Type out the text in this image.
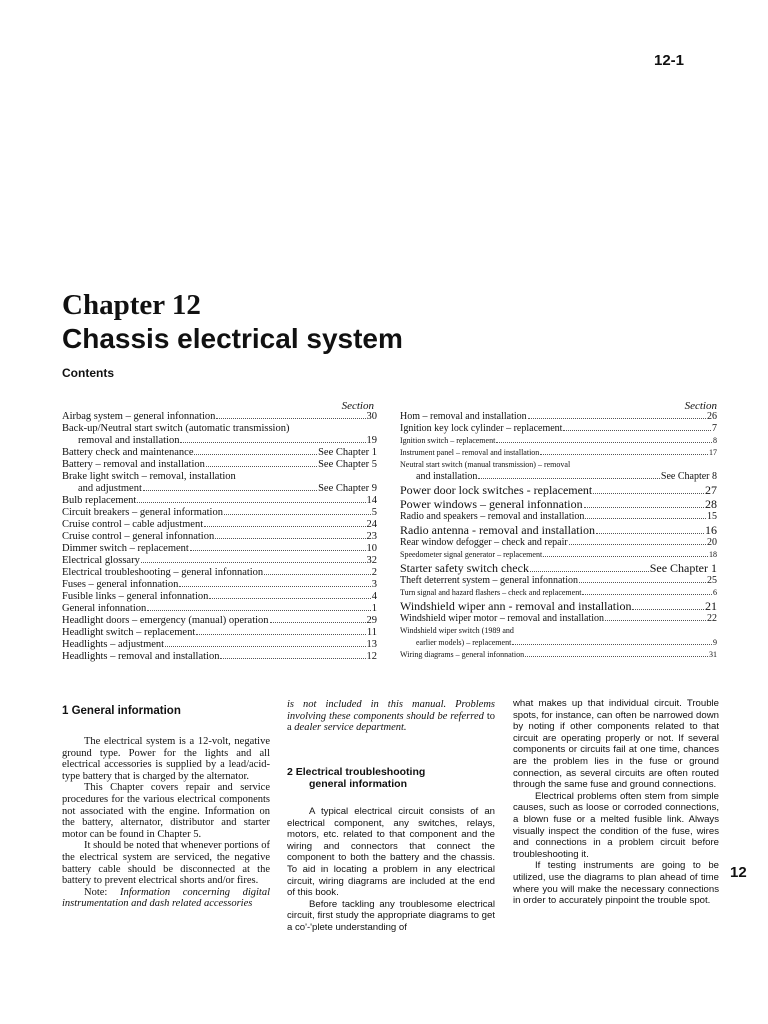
12-1
Chapter 12
Chassis electrical system
Contents
Section	Section
Airbag system – general infonnation	30
Back-up/Neutral start switch (automatic transmission)
removal and installation	19
Battery check and maintenance	See Chapter 1
Battery – removal and installation	See Chapter 5
Brake light switch – removal, installation
and adjustment	See Chapter 9
Bulb replacement	14
Circuit breakers – general information	5
Cruise control – cable adjustment	24
Cruise control – general infonnation	23
Dimmer switch – replacement	10
Electrical glossary	32
Electrical troubleshooting – general infonnation	2
Fuses – general infonnation	3
Fusible links – general infonnation	4
General infonnation	1
Headlight doors – emergency (manual) operation	29
Headlight switch – replacement	11
Headlights – adjustment	13
Headlights – removal and installation	12
Hom – removal and installation	26
Ignition key lock cylinder – replacement	7
Ignition switch – replacement	8
Instrument panel – removal and installation	17
Neutral start switch (manual transmission) – removal
and installation	See Chapter 8
Power door lock switches - replacement	27
Power windows – general infonnation	28
Radio and speakers – removal and installation	15
Radio antenna - removal and installation	16
Rear window defogger – check and repair	20
Speedometer signal generator – replacement	18
Starter safety switch check	See Chapter 1
Theft deterrent system – general infonnation	25
Turn signal and hazard flashers – check and replacement	6
Windshield wiper ann - removal and installation	21
Windshield wiper motor – removal and installation	22
Windshield wiper switch (1989 and
earlier models) – replacement	9
Wiring diagrams – general infonnation	31
1 General information

The electrical system is a 12-volt, negative ground type. Power for the lights and all electrical accessories is supplied by a lead/acid-type battery that is charged by the alternator.

This Chapter covers repair and service procedures for the various electrical components not associated with the engine. Information on the battery, alternator, distributor and starter motor can be found in Chapter 5.

It should be noted that whenever portions of the electrical system are serviced, the negative battery cable should be disconnected at the battery to prevent electrical shorts and/or fires.

Note: Information concerning digital instrumentation and dash related accessories

is not included in this manual. Problems involving these components should be referred to a dealer service department.

2 Electrical troubleshooting
general information

A typical electrical circuit consists of an electrical component, any switches, relays, motors, etc. related to that component and the wiring and connectors that connect the component to both the battery and the chassis. To aid in locating a problem in any electrical circuit, wiring diagrams are included at the end of this book.

Before tackling any troublesome electrical circuit, first study the appropriate diagrams to get a co'-'plete understanding of

what makes up that individual circuit. Trouble spots, for instance, can often be narrowed down by noting if other components related to that circuit are operating properly or not. If several components or circuits fail at one time, chances are the problem lies in the fuse or ground connection, as several circuits are often routed through the same fuse and ground connections.

Electrical problems often stem from simple causes, such as loose or corroded connections, a blown fuse or a melted fusible link. Always visually inspect the condition of the fuse, wires and connections in a problem circuit before troubleshooting it.

If testing instruments are going to be utilized, use the diagrams to plan ahead of time where you will make the necessary connections in order to accurately pinpoint the trouble spot.

12
